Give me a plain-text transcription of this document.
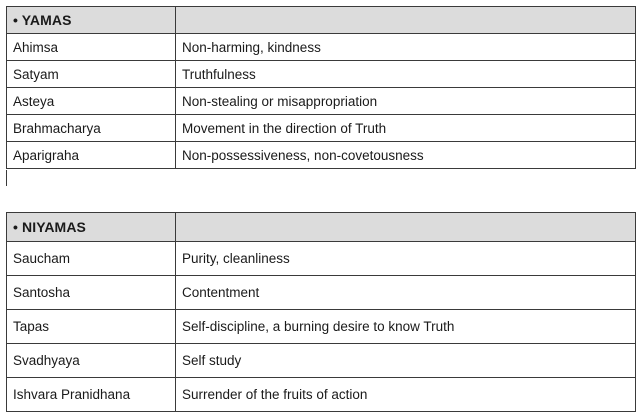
• YAMAS	
Ahimsa	Non-harming, kindness
Satyam	Truthfulness
Asteya	Non-stealing or misappropriation
Brahmacharya	Movement in the direction of Truth
Aparigraha	Non-possessiveness, non-covetousness
• NIYAMAS	
Saucham	Purity, cleanliness
Santosha	Contentment
Tapas	Self-discipline, a burning desire to know Truth
Svadhyaya	Self study
Ishvara Pranidhana	Surrender of the fruits of action
